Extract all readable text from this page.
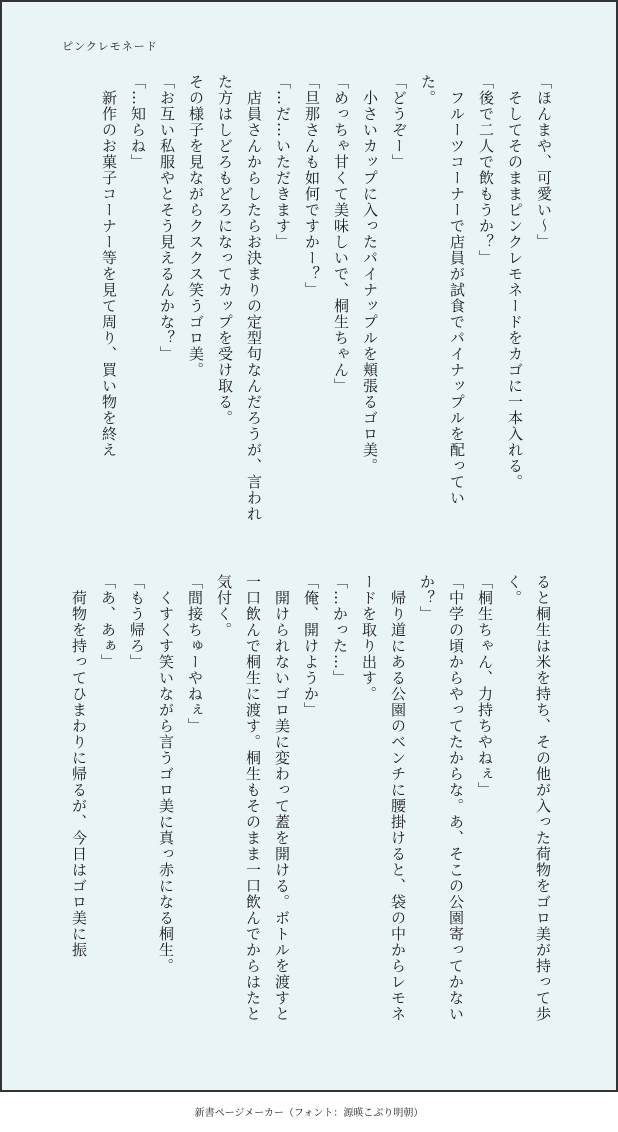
ピンクレモネード
「ほんまや、可愛い〜」
　そしてそのままピンクレモネードをカゴに一本入れる。
「後で二人で飲もうか？」
　フルーツコーナーで店員が試食でパイナップルを配っていた。
「どうぞー」
　小さいカップに入ったパイナップルを頬張るゴロ美。
「めっちゃ甘くて美味しいで、桐生ちゃん」
「旦那さんも如何ですかー？」
「…だ…いただきます」
　店員さんからしたらお決まりの定型句なんだろうが、言われた方はしどろもどろになってカップを受け取る。
その様子を見ながらクスクス笑うゴロ美。
「お互い私服やとそう見えるんかな？」
「…知らね」
　新作のお菓子コーナー等を見て周り、買い物を終え
ると桐生は米を持ち、その他が入った荷物をゴロ美が持って歩く。
「桐生ちゃん、力持ちやねぇ」
「中学の頃からやってたからな。あ、そこの公園寄ってかないか？」
　帰り道にある公園のベンチに腰掛けると、袋の中からレモネードを取り出す。
「…かった…」
「俺、開けようか」
　開けられないゴロ美に変わって蓋を開ける。ボトルを渡すと一口飲んで桐生に渡す。桐生もそのまま一口飲んでからはたと気付く。
「間接ちゅーやねぇ」
　くすくす笑いながら言うゴロ美に真っ赤になる桐生。
「もう帰ろ」
「あ、あぁ」
　荷物を持ってひまわりに帰るが、今日はゴロ美に振
新書ページメーカー（フォント：源暎こぶり明朝）
